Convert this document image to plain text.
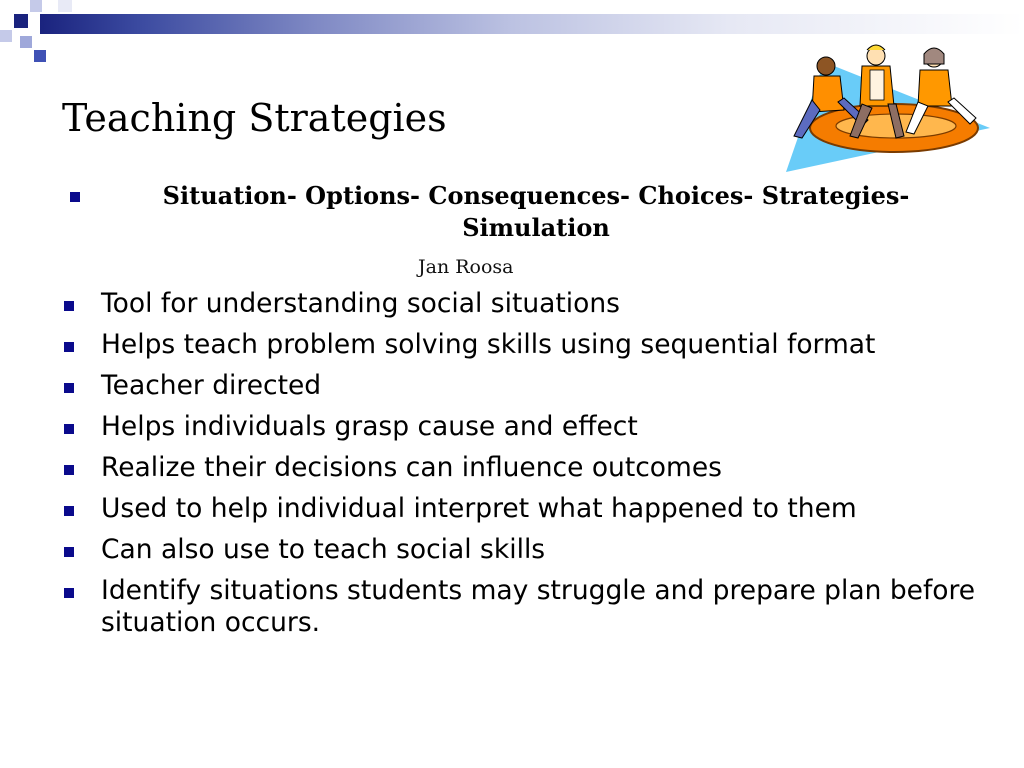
Teaching Strategies
Situation- Options- Consequences- Choices- Strategies- Simulation
Jan Roosa
Tool for understanding social situations
Helps teach problem solving skills using sequential format
Teacher directed
Helps individuals grasp cause and effect
Realize their decisions can influence outcomes
Used to help individual interpret what happened to them
Can also use to teach social skills
Identify situations students may struggle and prepare plan before situation occurs.
